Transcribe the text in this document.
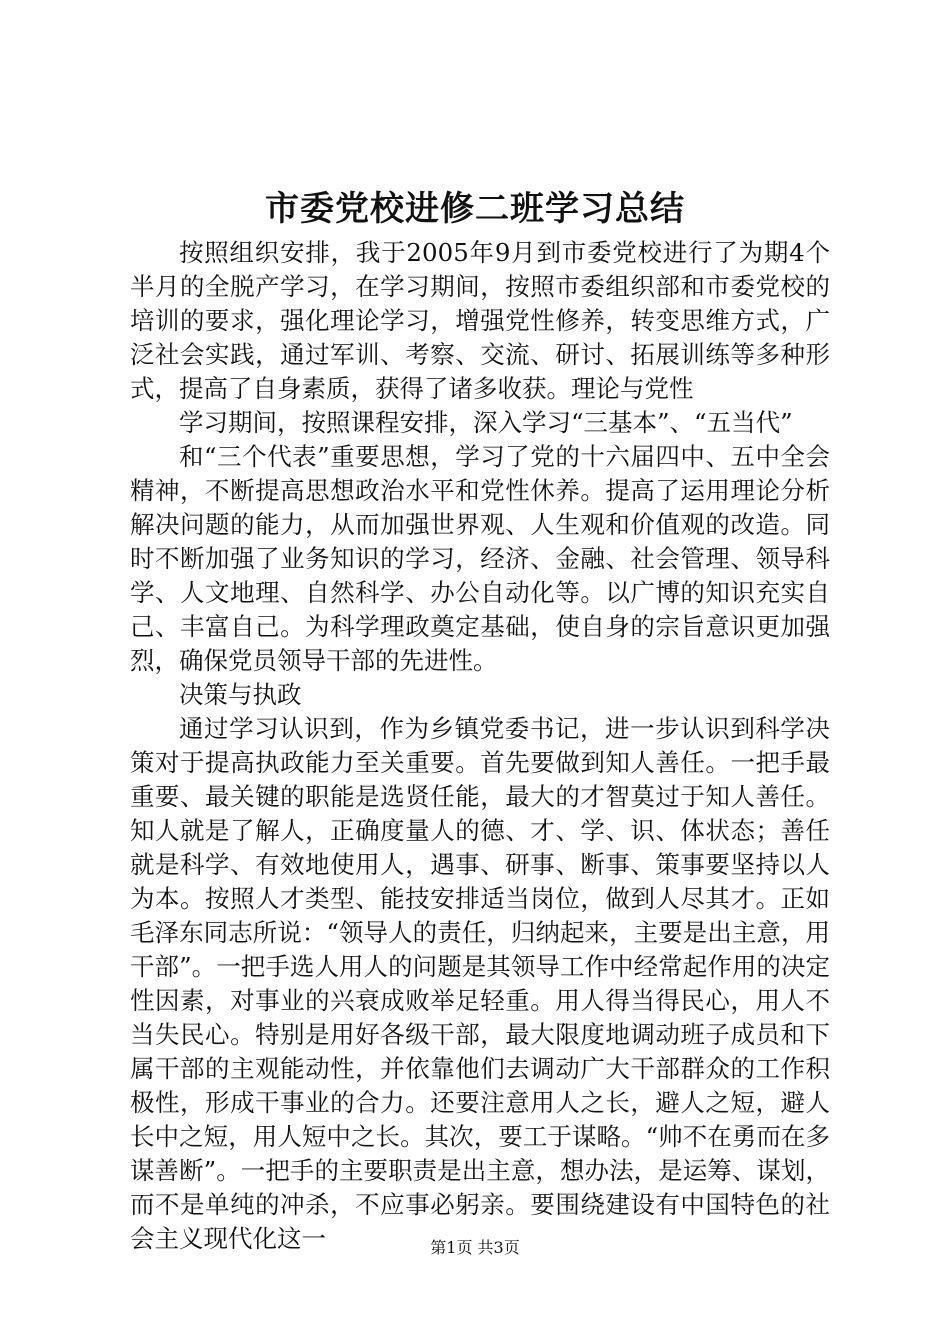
市委党校进修二班学习总结

按照组织安排，我于2005年9月到市委党校进行了为期4个半月的全脱产学习，在学习期间，按照市委组织部和市委党校的培训的要求，强化理论学习，增强党性修养，转变思维方式，广泛社会实践，通过军训、考察、交流、研讨、拓展训练等多种形式，提高了自身素质，获得了诸多收获。理论与党性

学习期间，按照课程安排，深入学习“三基本”、“五当代”

和“三个代表”重要思想，学习了党的十六届四中、五中全会精神，不断提高思想政治水平和党性休养。提高了运用理论分析解决问题的能力，从而加强世界观、人生观和价值观的改造。同时不断加强了业务知识的学习，经济、金融、社会管理、领导科学、人文地理、自然科学、办公自动化等。以广博的知识充实自己、丰富自己。为科学理政奠定基础，使自身的宗旨意识更加强烈，确保党员领导干部的先进性。

决策与执政

通过学习认识到，作为乡镇党委书记，进一步认识到科学决策对于提高执政能力至关重要。首先要做到知人善任。一把手最重要、最关键的职能是选贤任能，最大的才智莫过于知人善任。知人就是了解人，正确度量人的德、才、学、识、体状态；善任就是科学、有效地使用人，遇事、研事、断事、策事要坚持以人为本。按照人才类型、能技安排适当岗位，做到人尽其才。正如毛泽东同志所说：“领导人的责任，归纳起来，主要是出主意，用干部”。一把手选人用人的问题是其领导工作中经常起作用的决定性因素，对事业的兴衰成败举足轻重。用人得当得民心，用人不当失民心。特别是用好各级干部，最大限度地调动班子成员和下属干部的主观能动性，并依靠他们去调动广大干部群众的工作积极性，形成干事业的合力。还要注意用人之长，避人之短，避人长中之短，用人短中之长。其次，要工于谋略。“帅不在勇而在多谋善断”。一把手的主要职责是出主意，想办法，是运筹、谋划，而不是单纯的冲杀，不应事必躬亲。要围绕建设有中国特色的社会主义现代化这一	第1页 共3页
